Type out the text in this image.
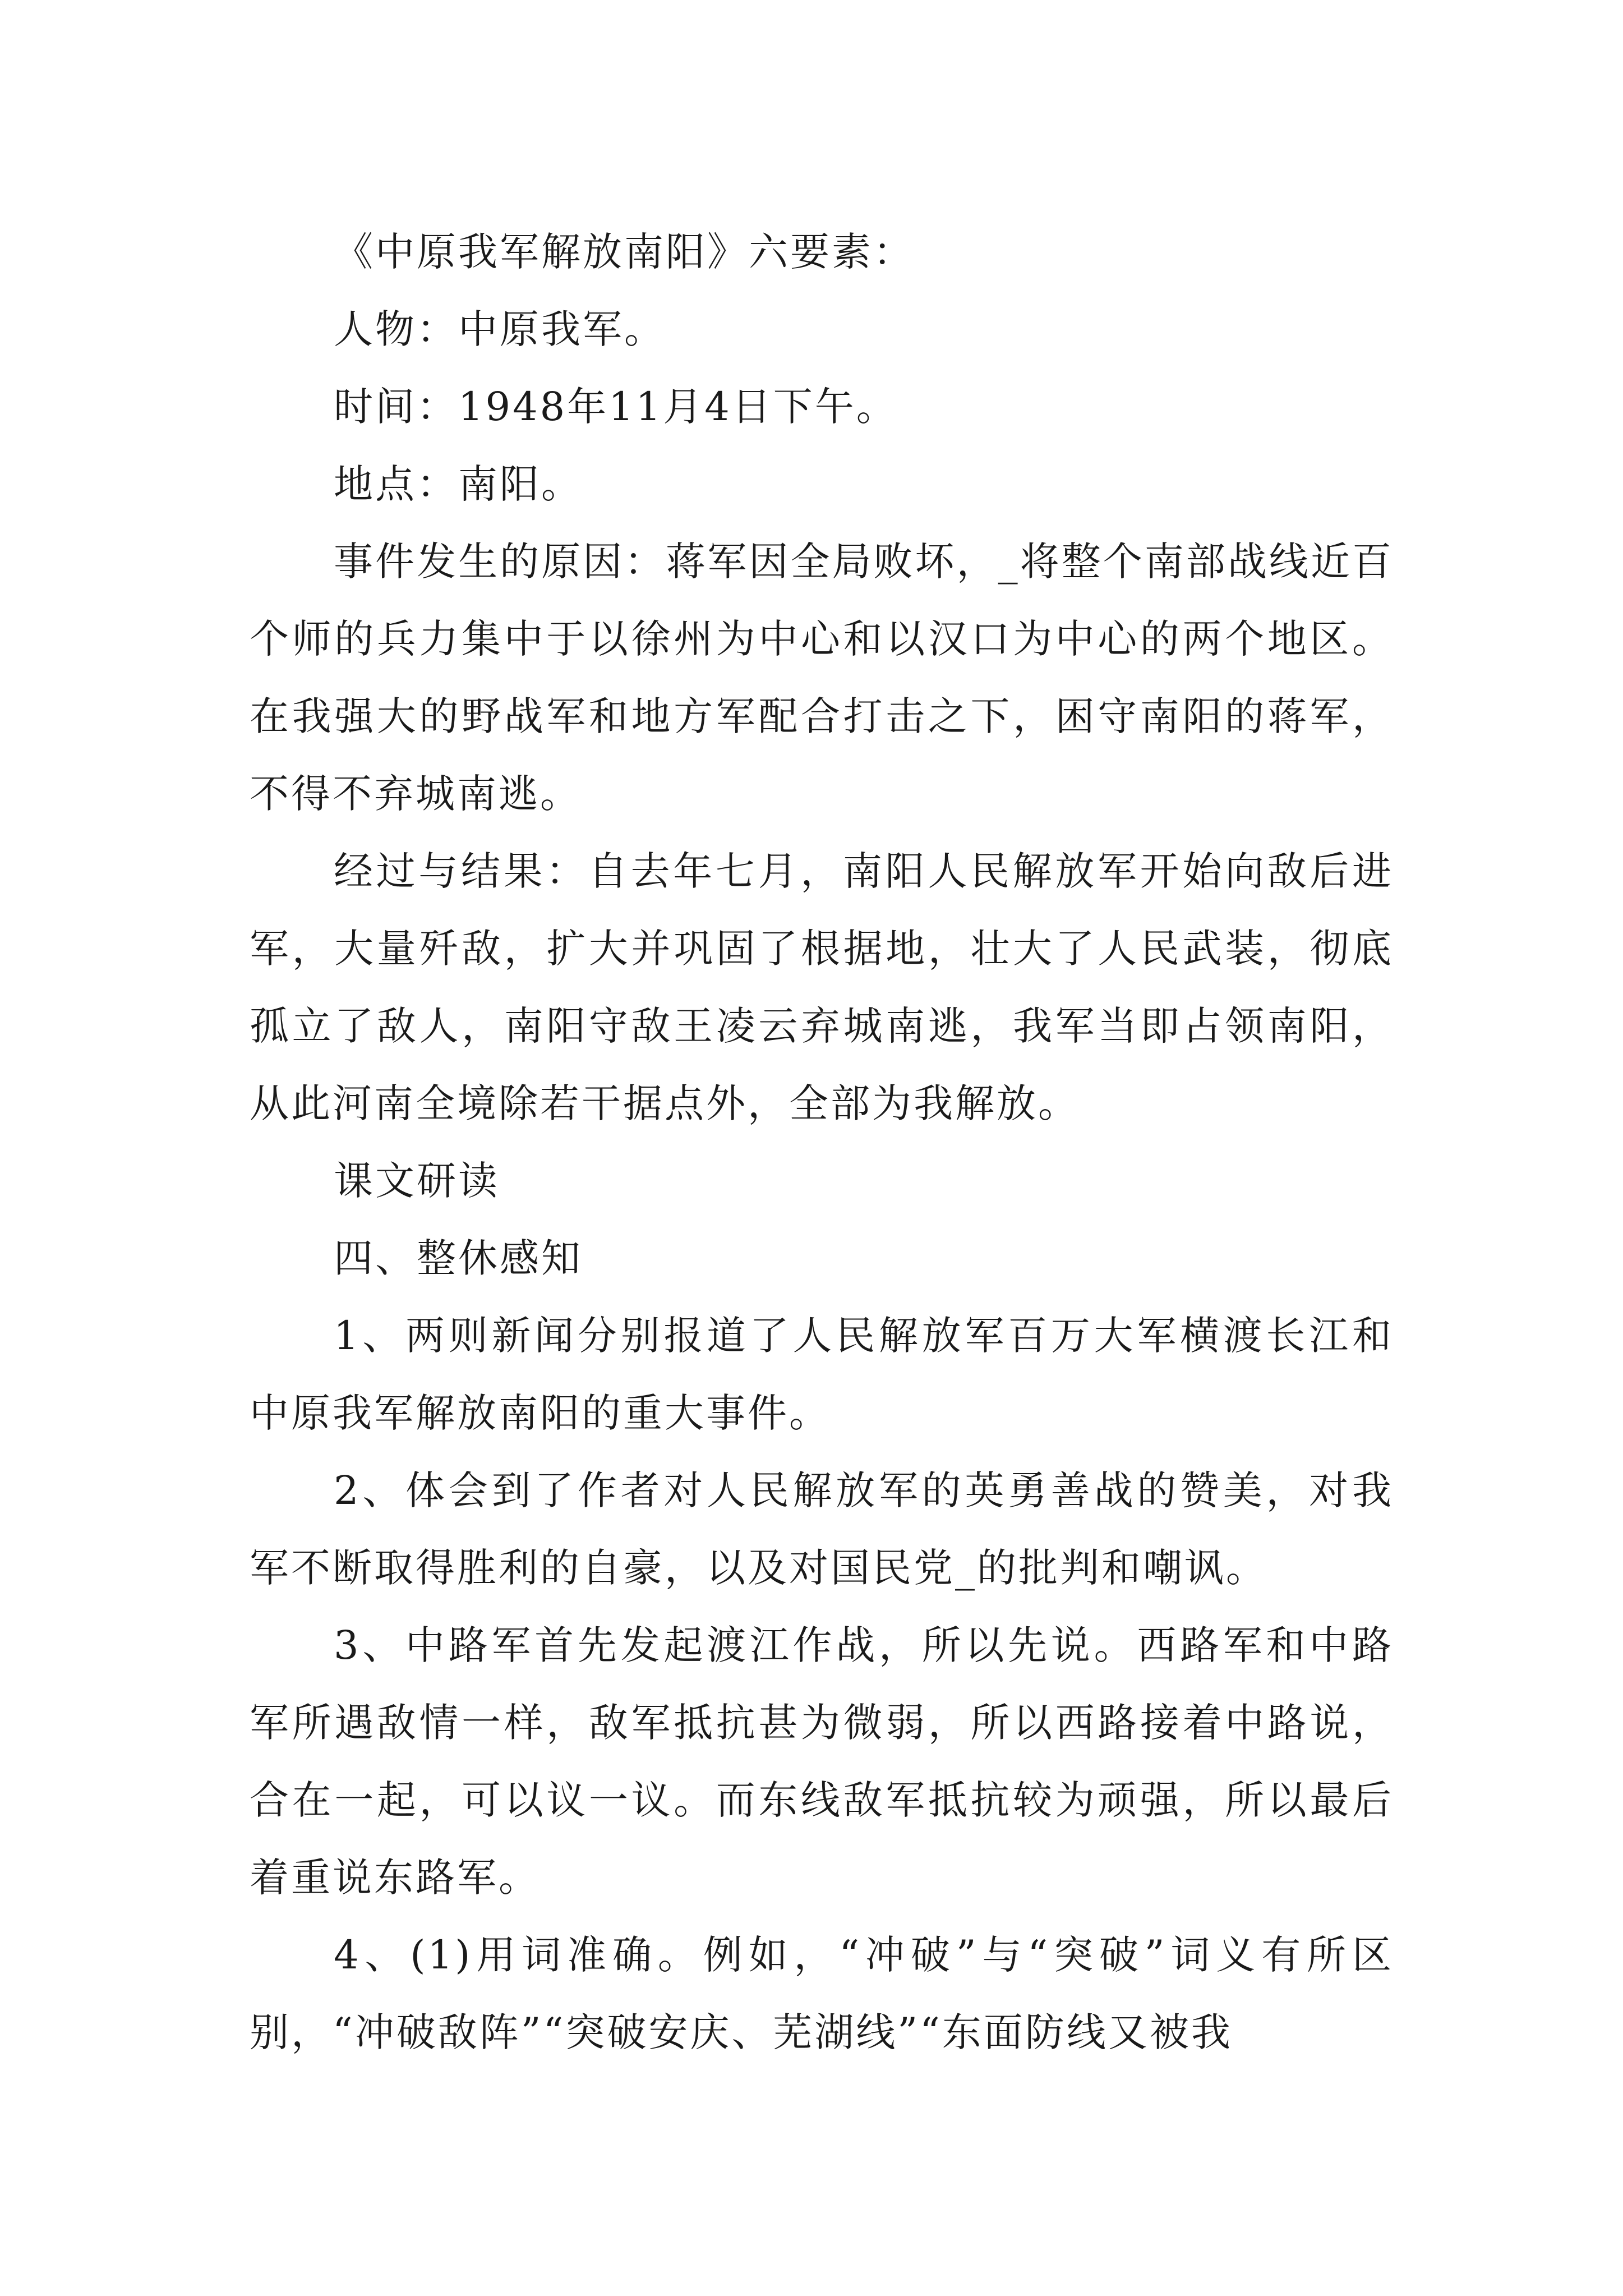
《中原我军解放南阳》六要素：

人物：中原我军。

时间：1948年11月4日下午。

地点：南阳。

事件发生的原因：蒋军因全局败坏，_将整个南部战线近百个师的兵力集中于以徐州为中心和以汉口为中心的两个地区。在我强大的野战军和地方军配合打击之下，困守南阳的蒋军，不得不弃城南逃。

经过与结果：自去年七月，南阳人民解放军开始向敌后进军，大量歼敌，扩大并巩固了根据地，壮大了人民武装，彻底孤立了敌人，南阳守敌王凌云弃城南逃，我军当即占领南阳，从此河南全境除若干据点外，全部为我解放。

课文研读

四、整休感知

1、两则新闻分别报道了人民解放军百万大军横渡长江和中原我军解放南阳的重大事件。

2、体会到了作者对人民解放军的英勇善战的赞美，对我军不断取得胜利的自豪，以及对国民党_的批判和嘲讽。

3、中路军首先发起渡江作战，所以先说。西路军和中路军所遇敌情一样，敌军抵抗甚为微弱，所以西路接着中路说，合在一起，可以议一议。而东线敌军抵抗较为顽强，所以最后着重说东路军。

4、(1)用词准确。例如，“冲破”与“突破”词义有所区别，“冲破敌阵”“突破安庆、芜湖线”“东面防线又被我
